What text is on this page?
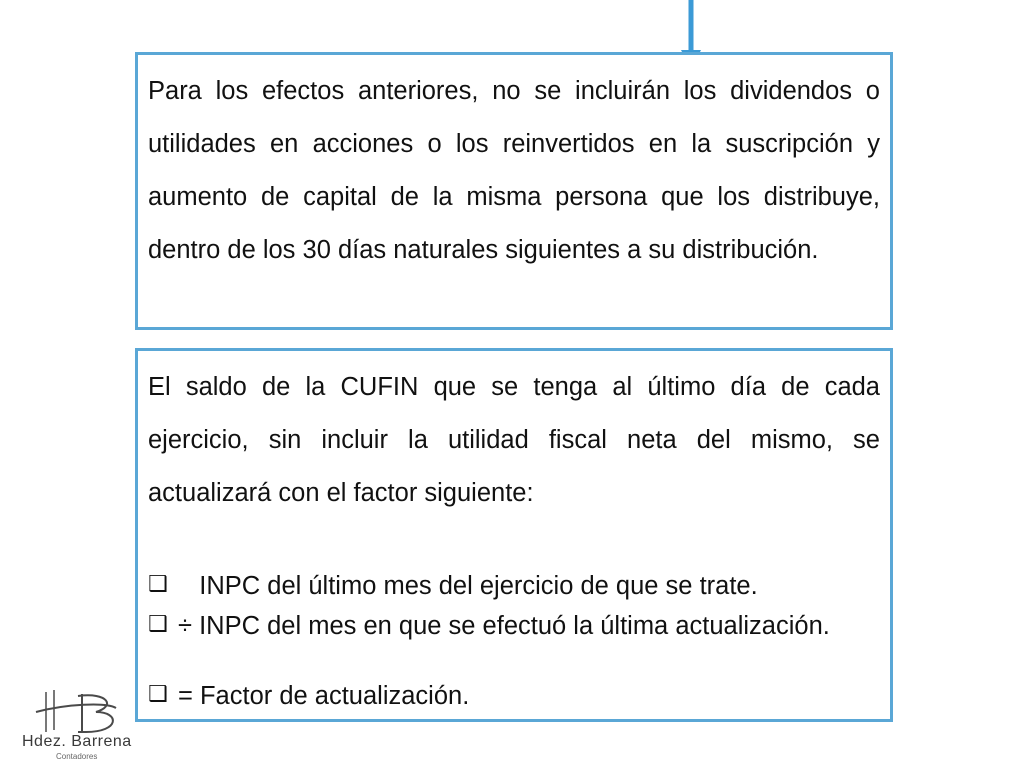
Para los efectos anteriores, no se incluirán los dividendos o utilidades en acciones o los reinvertidos en la suscripción y aumento de capital de la misma persona que los distribuye, dentro de los 30 días naturales siguientes a su distribución.
El saldo de la CUFIN que se tenga al último día de cada ejercicio, sin incluir la utilidad fiscal neta del mismo, se actualizará con el factor siguiente:
❑ INPC del último mes del ejercicio de que se trate.
❑ ÷ INPC del mes en que se efectuó la última actualización.
❑ = Factor de actualización.
Hdez. Barrena
Contadores
